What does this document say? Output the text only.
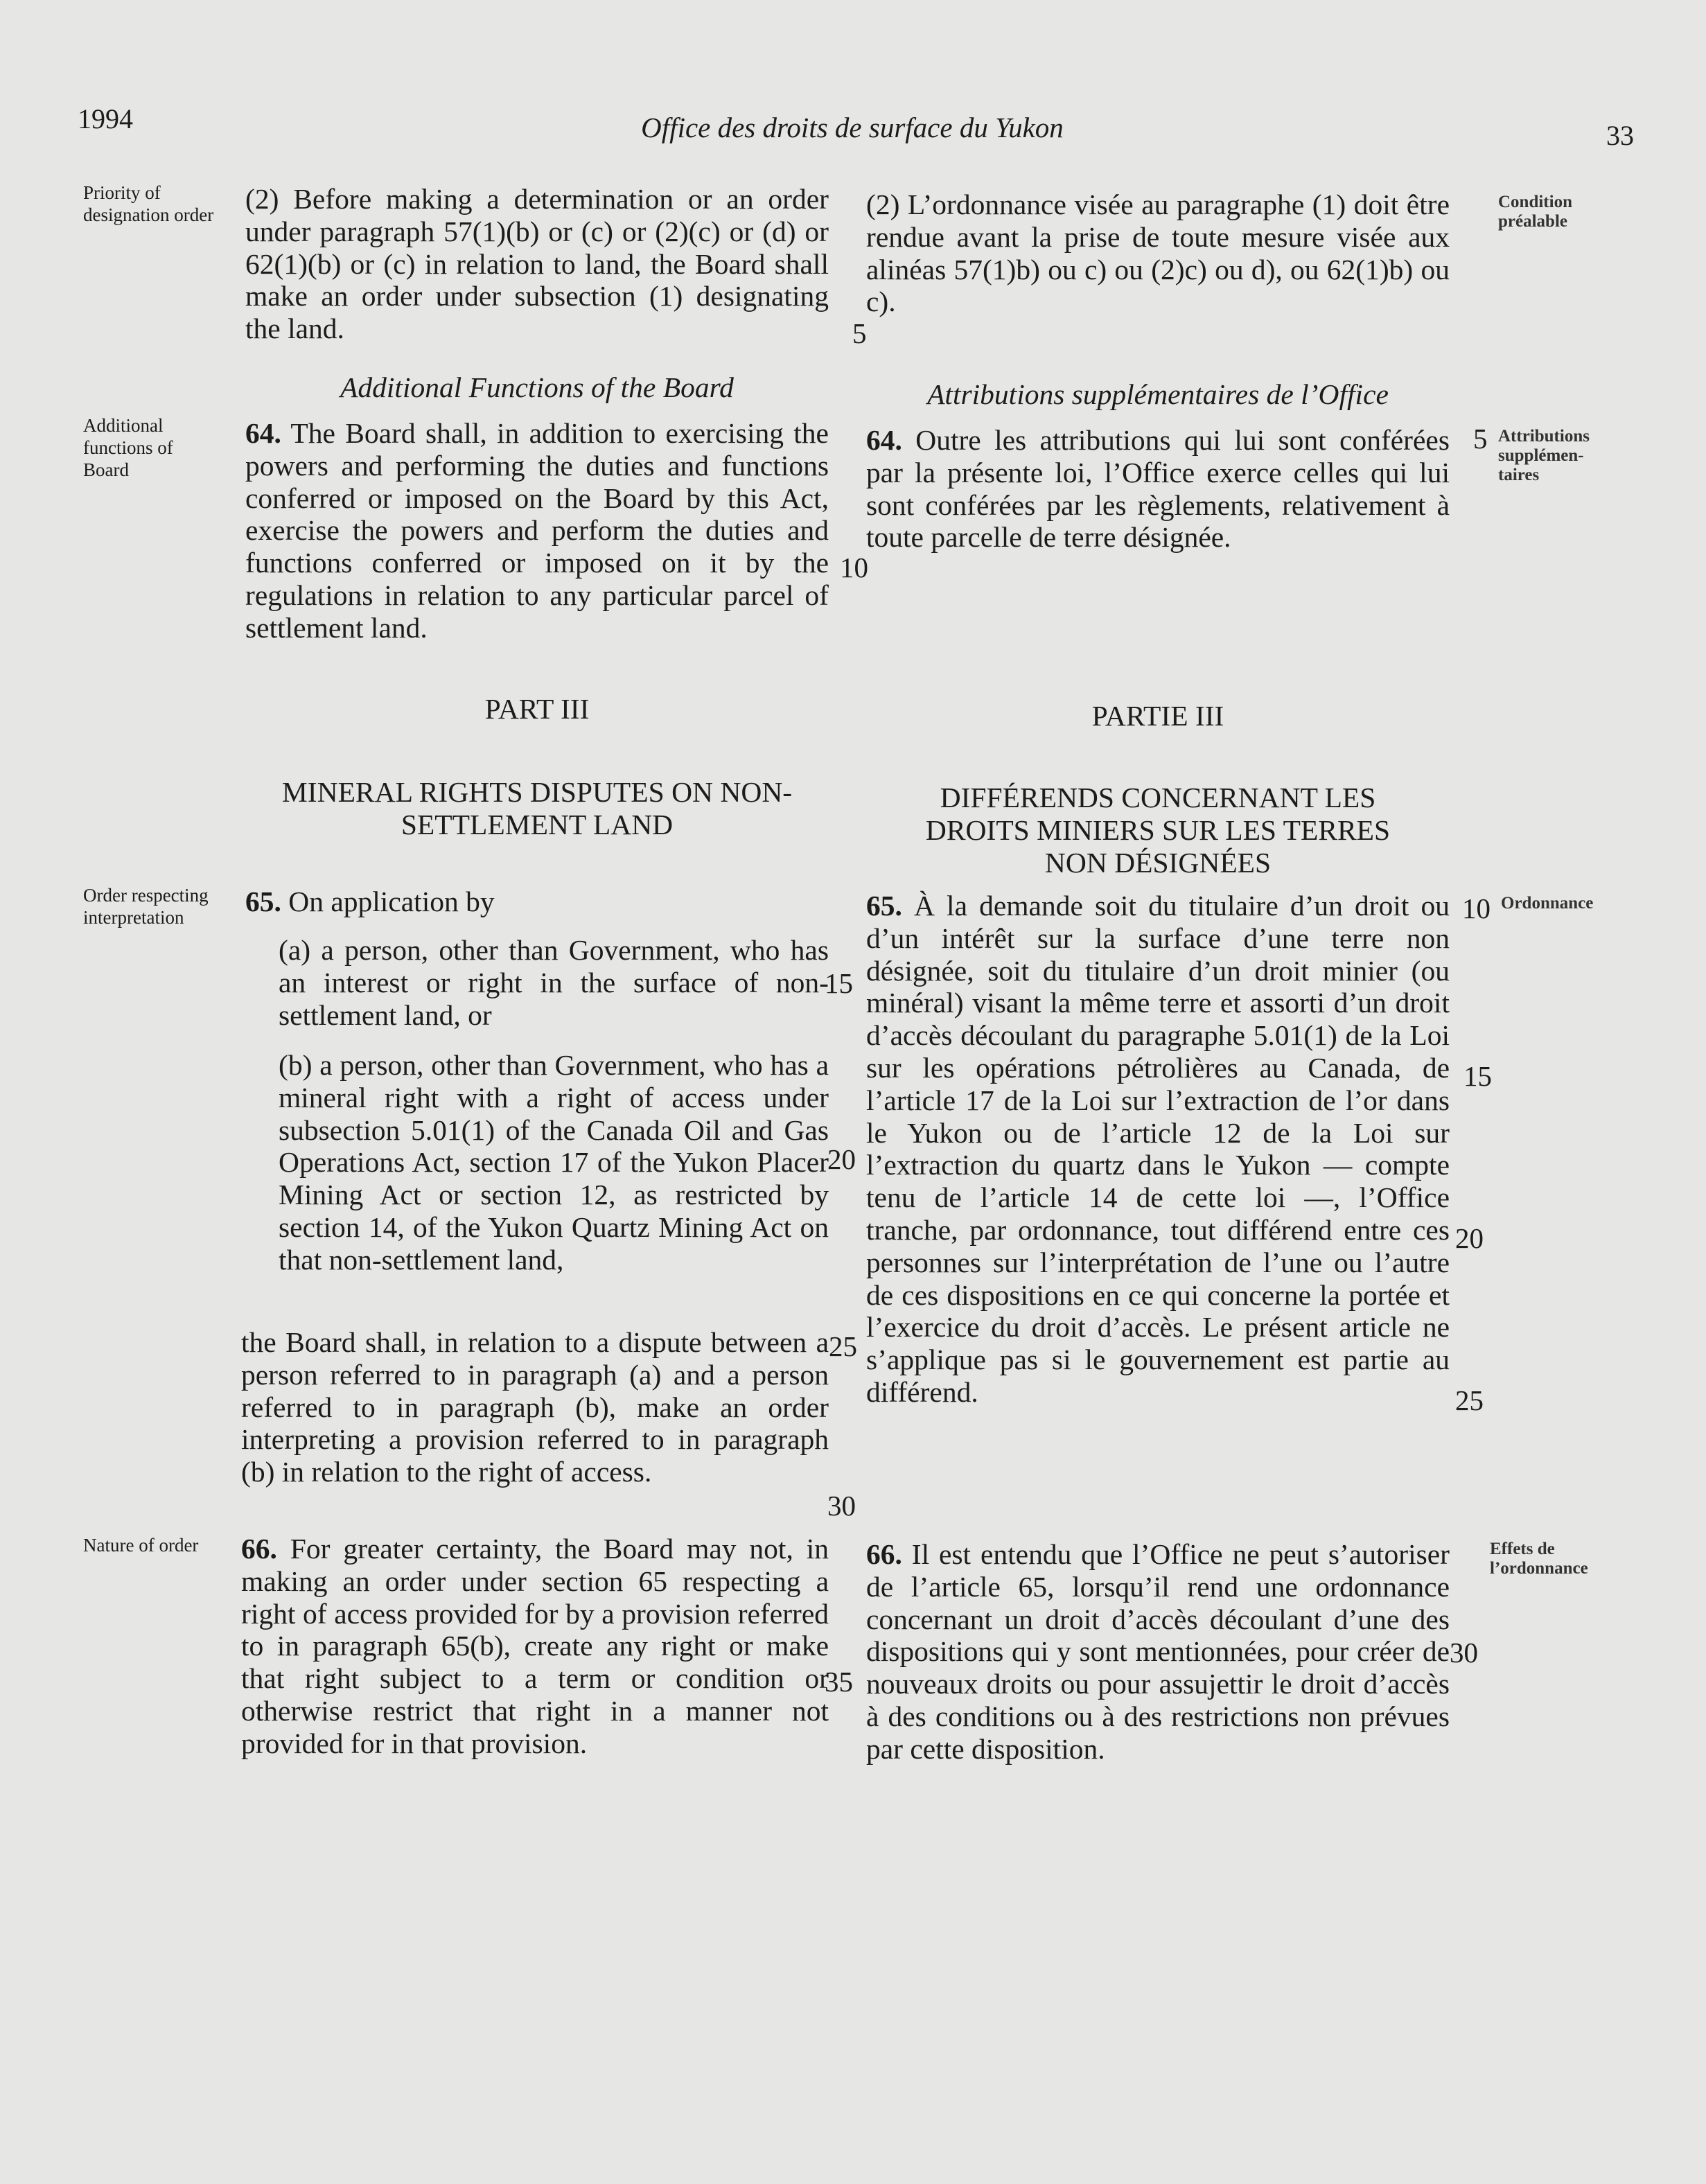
1994	Office des droits de surface du Yukon	33
Priority of designation order
Additional functions of Board
Order respecting interpretation
Nature of order
Condition préalable
Attributions supplémen-taires
Ordonnance
Effets de l’ordonnance

(2) Before making a determination or an order under paragraph 57(1)(b) or (c) or (2)(c) or (d) or 62(1)(b) or (c) in relation to land, the Board shall make an order under subsection (1) designating the land.

Additional Functions of the Board

64. The Board shall, in addition to exercising the powers and performing the duties and functions conferred or imposed on the Board by this Act, exercise the powers and perform the duties and functions conferred or imposed on it by the regulations in relation to any particular parcel of settlement land.

PART III
MINERAL RIGHTS DISPUTES ON NON-SETTLEMENT LAND

65. On application by

(a) a person, other than Government, who has an interest or right in the surface of non-settlement land, or

(b) a person, other than Government, who has a mineral right with a right of access under subsection 5.01(1) of the Canada Oil and Gas Operations Act, section 17 of the Yukon Placer Mining Act or section 12, as restricted by section 14, of the Yukon Quartz Mining Act on that non-settlement land,

the Board shall, in relation to a dispute between a person referred to in paragraph (a) and a person referred to in paragraph (b), make an order interpreting a provision referred to in paragraph (b) in relation to the right of access.

66. For greater certainty, the Board may not, in making an order under section 65 respecting a right of access provided for by a provision referred to in paragraph 65(b), create any right or make that right subject to a term or condition or otherwise restrict that right in a manner not provided for in that provision.

5
10
15
20
25
30
35

(2) L’ordonnance visée au paragraphe (1) doit être rendue avant la prise de toute mesure visée aux alinéas 57(1)b) ou c) ou (2)c) ou d), ou 62(1)b) ou c).

Attributions supplémentaires de l’Office

64. Outre les attributions qui lui sont conférées par la présente loi, l’Office exerce celles qui lui sont conférées par les règlements, relativement à toute parcelle de terre désignée.

PARTIE III
DIFFÉRENDS CONCERNANT LES DROITS MINIERS SUR LES TERRES NON DÉSIGNÉES

65. À la demande soit du titulaire d’un droit ou d’un intérêt sur la surface d’une terre non désignée, soit du titulaire d’un droit minier (ou minéral) visant la même terre et assorti d’un droit d’accès découlant du paragraphe 5.01(1) de la Loi sur les opérations pétrolières au Canada, de l’article 17 de la Loi sur l’extraction de l’or dans le Yukon ou de l’article 12 de la Loi sur l’extraction du quartz dans le Yukon — compte tenu de l’article 14 de cette loi —, l’Office tranche, par ordonnance, tout différend entre ces personnes sur l’interprétation de l’une ou l’autre de ces dispositions en ce qui concerne la portée et l’exercice du droit d’accès. Le présent article ne s’applique pas si le gouvernement est partie au différend.

66. Il est entendu que l’Office ne peut s’autoriser de l’article 65, lorsqu’il rend une ordonnance concernant un droit d’accès découlant d’une des dispositions qui y sont mentionnées, pour créer de nouveaux droits ou pour assujettir le droit d’accès à des conditions ou à des restrictions non prévues par cette disposition.

5
10
15
20
25
30
